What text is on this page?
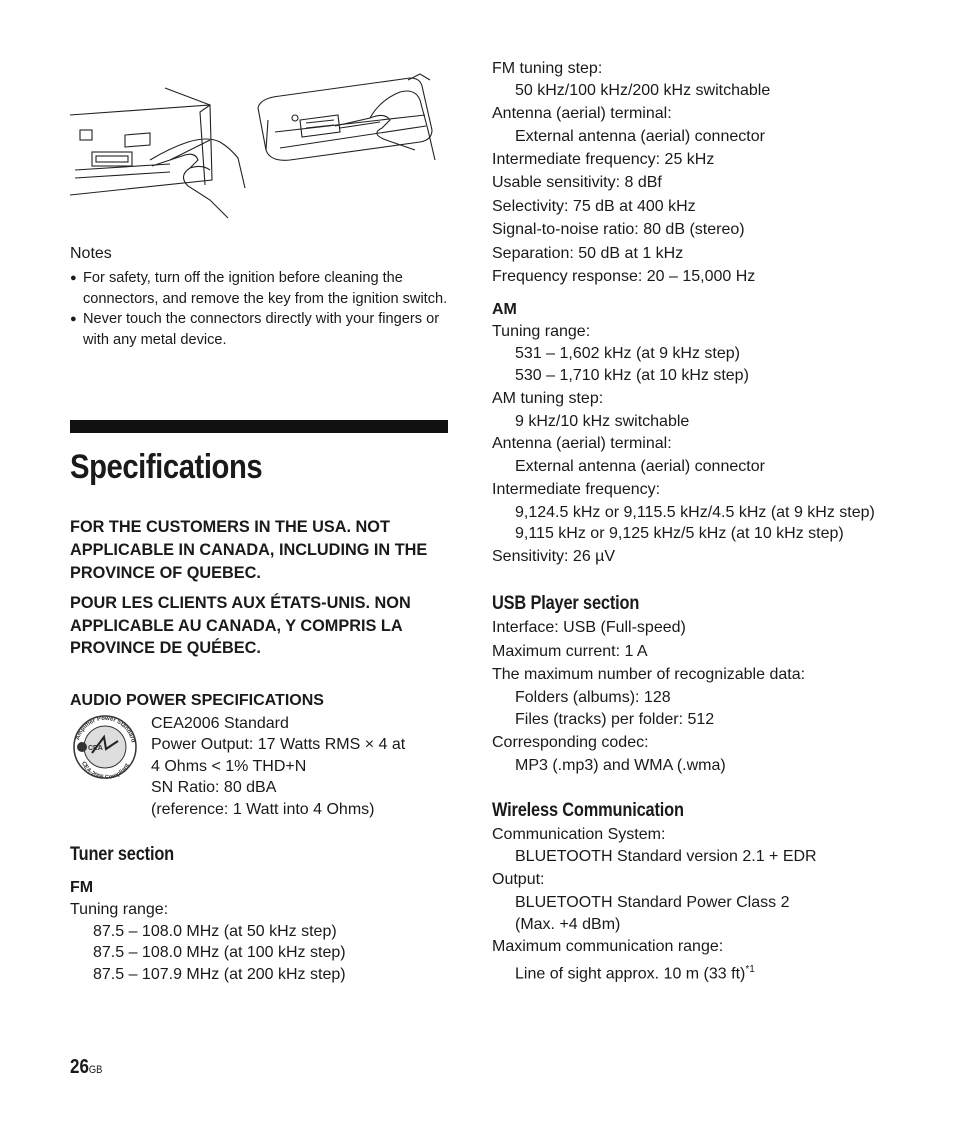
Notes
● For safety, turn off the ignition before cleaning the connectors, and remove the key from the ignition switch.
● Never touch the connectors directly with your fingers or with any metal device.
Specifications
FOR THE CUSTOMERS IN THE USA. NOT APPLICABLE IN CANADA, INCLUDING IN THE PROVINCE OF QUEBEC.
POUR LES CLIENTS AUX ÉTATS-UNIS. NON APPLICABLE AU CANADA, Y COMPRIS LA PROVINCE DE QUÉBEC.
AUDIO POWER SPECIFICATIONS
CEA
Amplifier Power Standard
CEA-2006 Compliant
CEA2006 Standard
Power Output: 17 Watts RMS × 4 at
4 Ohms < 1% THD+N
SN Ratio: 80 dBA
(reference: 1 Watt into 4 Ohms)
Tuner section
FM
Tuning range:
87.5 – 108.0 MHz (at 50 kHz step)
87.5 – 108.0 MHz (at 100 kHz step)
87.5 – 107.9 MHz (at 200 kHz step)
FM tuning step:
50 kHz/100 kHz/200 kHz switchable
Antenna (aerial) terminal:
External antenna (aerial) connector
Intermediate frequency: 25 kHz
Usable sensitivity: 8 dBf
Selectivity: 75 dB at 400 kHz
Signal-to-noise ratio: 80 dB (stereo)
Separation: 50 dB at 1 kHz
Frequency response: 20 – 15,000 Hz
AM
Tuning range:
531 – 1,602 kHz (at 9 kHz step)
530 – 1,710 kHz (at 10 kHz step)
AM tuning step:
9 kHz/10 kHz switchable
Antenna (aerial) terminal:
External antenna (aerial) connector
Intermediate frequency:
9,124.5 kHz or 9,115.5 kHz/4.5 kHz (at 9 kHz step)
9,115 kHz or 9,125 kHz/5 kHz (at 10 kHz step)
Sensitivity: 26 µV
USB Player section
Interface: USB (Full-speed)
Maximum current: 1 A
The maximum number of recognizable data:
Folders (albums): 128
Files (tracks) per folder: 512
Corresponding codec:
MP3 (.mp3) and WMA (.wma)
Wireless Communication
Communication System:
BLUETOOTH Standard version 2.1 + EDR
Output:
BLUETOOTH Standard Power Class 2 (Max. +4 dBm)
Maximum communication range:
Line of sight approx. 10 m (33 ft)$^{*1}$
26GB
